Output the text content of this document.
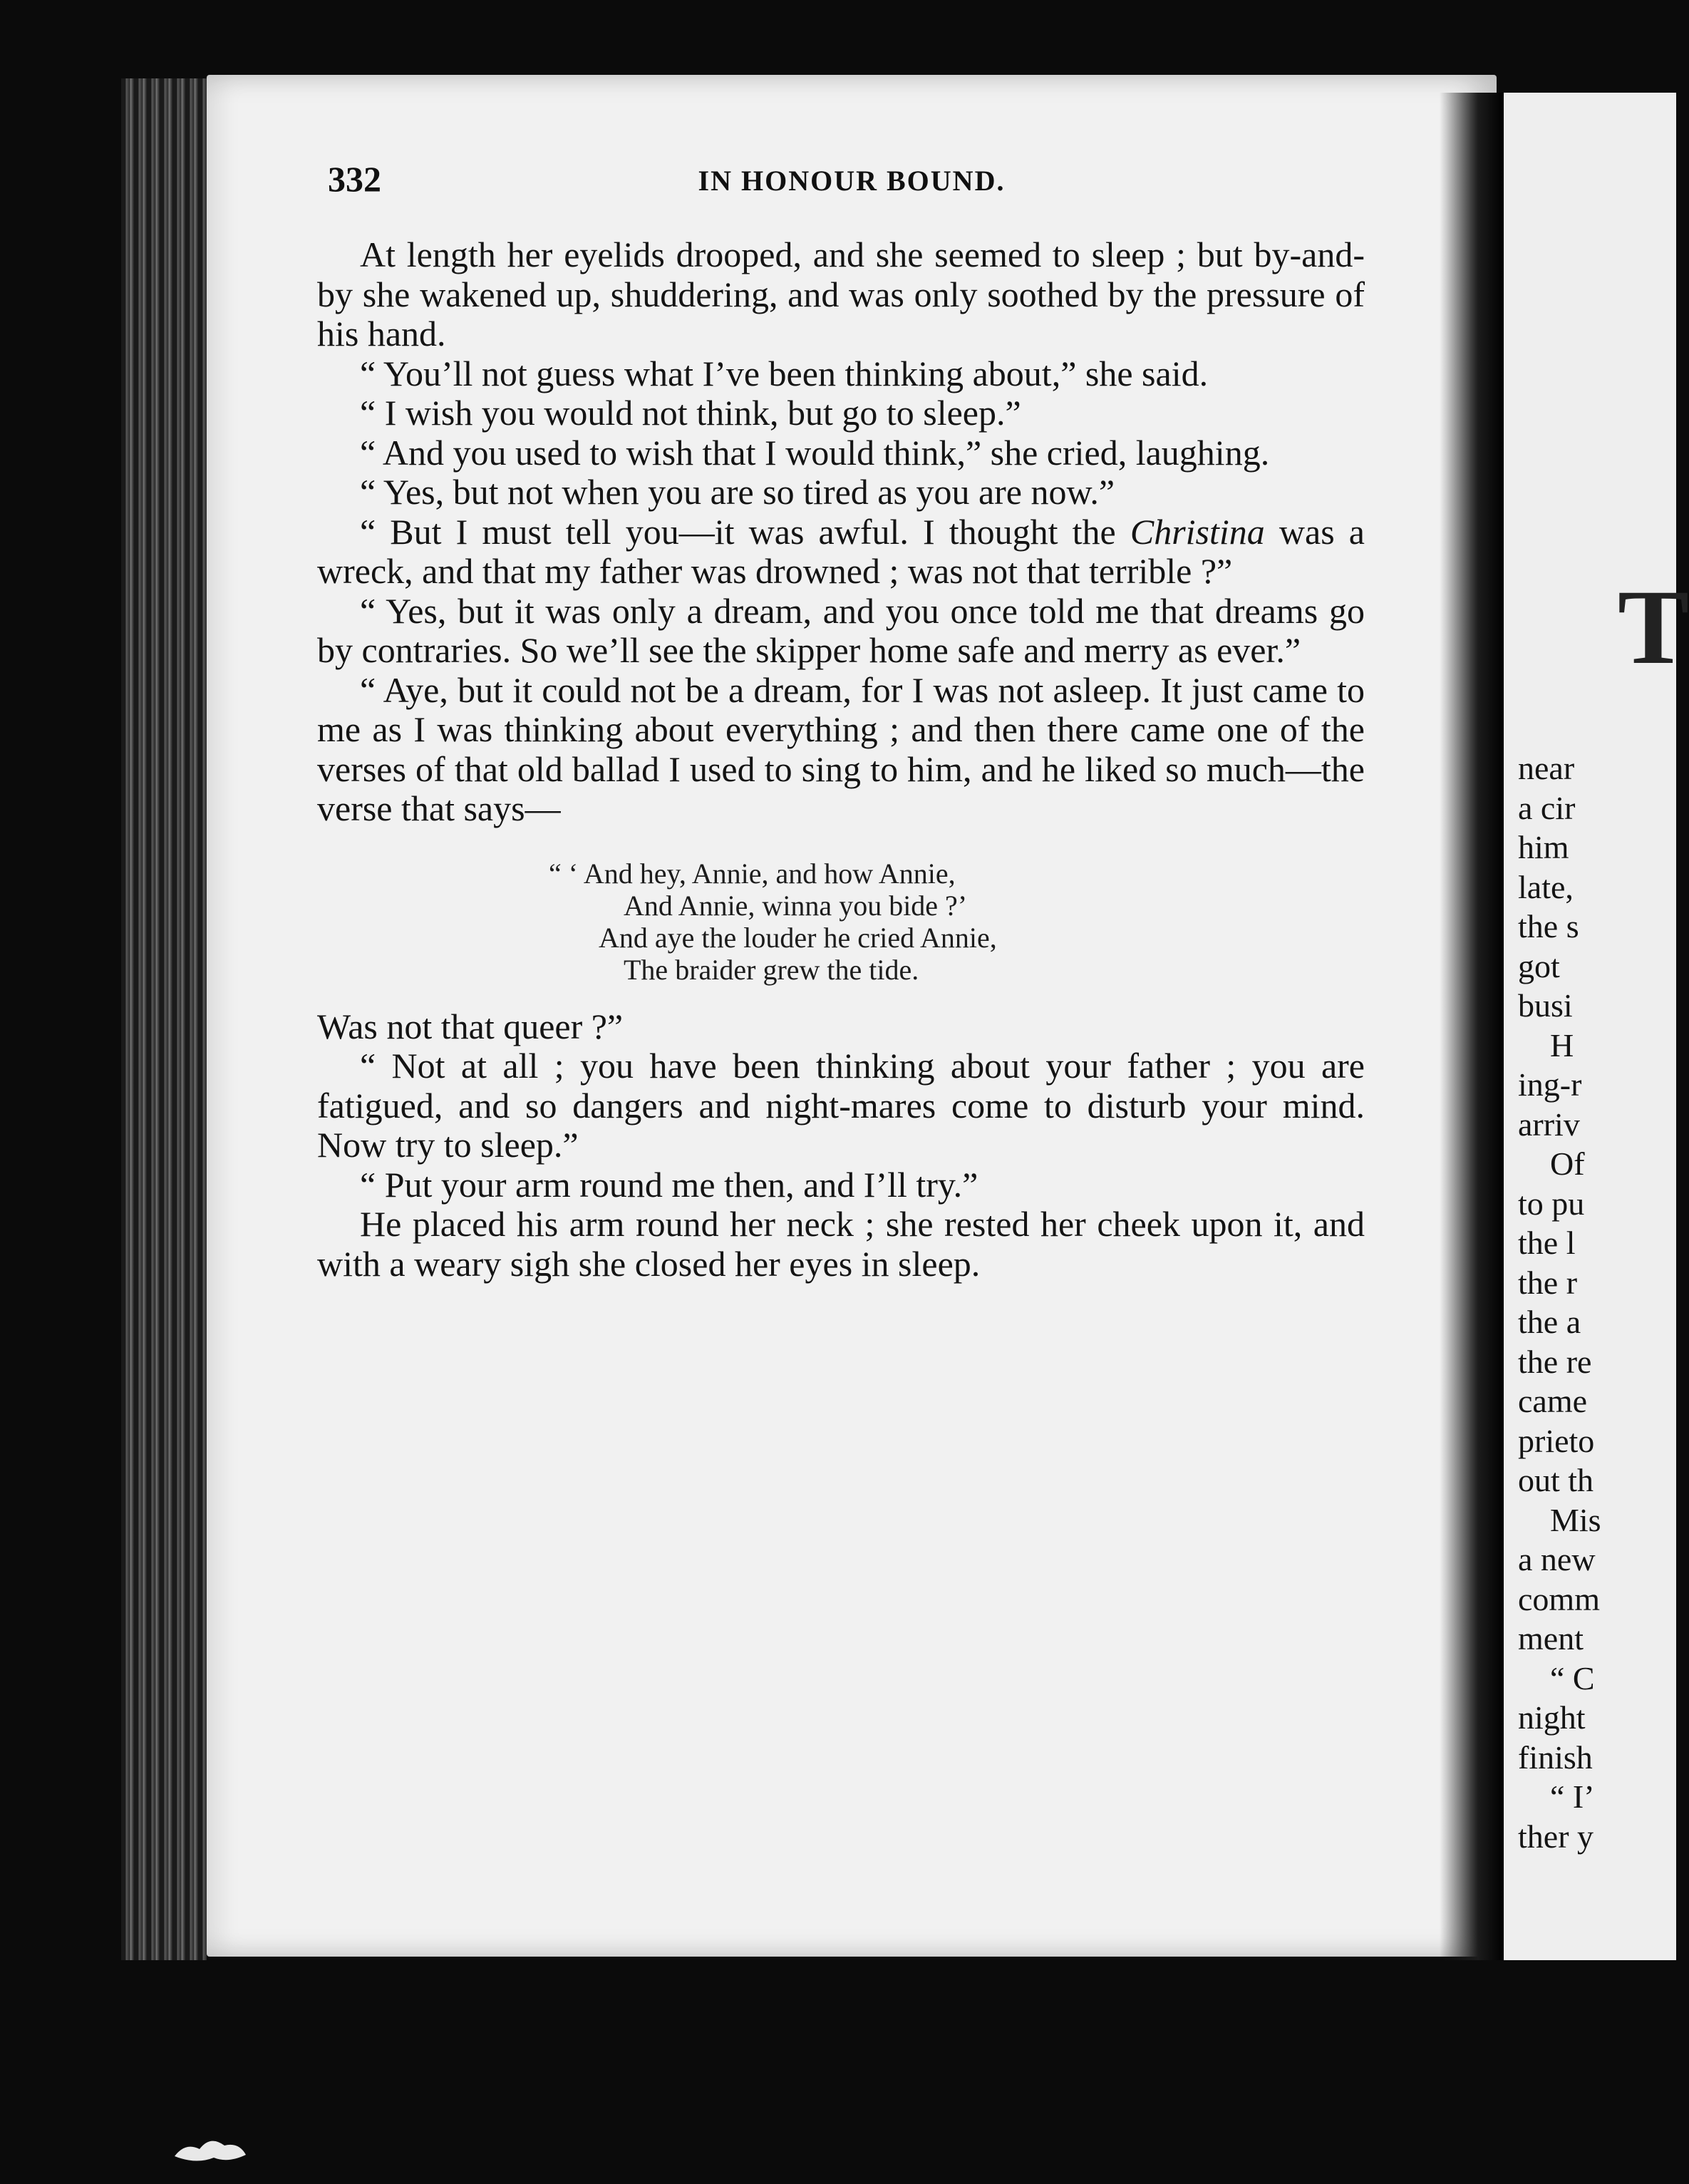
332	IN HONOUR BOUND.

At length her eyelids drooped, and she seemed to sleep ; but by-and-by she wakened up, shuddering, and was only soothed by the pressure of his hand.

“ You’ll not guess what I’ve been thinking about,” she said.

“ I wish you would not think, but go to sleep.”

“ And you used to wish that I would think,” she cried, laughing.

“ Yes, but not when you are so tired as you are now.”

“ But I must tell you—it was awful. I thought the Christina was a wreck, and that my father was drowned ; was not that terrible ?”

“ Yes, but it was only a dream, and you once told me that dreams go by contraries. So we’ll see the skipper home safe and merry as ever.”

“ Aye, but it could not be a dream, for I was not asleep. It just came to me as I was thinking about everything ; and then there came one of the verses of that old ballad I used to sing to him, and he liked so much—the verse that says—

“ ‘ And hey, Annie, and how Annie,
And Annie, winna you bide ?’
And aye the louder he cried Annie,
The braider grew the tide.

Was not that queer ?”

“ Not at all ; you have been thinking about your father ; you are fatigued, and so dangers and night-mares come to disturb your mind. Now try to sleep.”

“ Put your arm round me then, and I’ll try.”

He placed his arm round her neck ; she rested her cheek upon it, and with a weary sigh she closed her eyes in sleep.

T
near
a cir
him
late,
the s
got
busi
H
ing-r
arriv
Of
to pu
the l
the r
the a
the re
came
prieto
out th
Mis
a new
comm
ment
“ C
night
finish
“ I’
ther y
